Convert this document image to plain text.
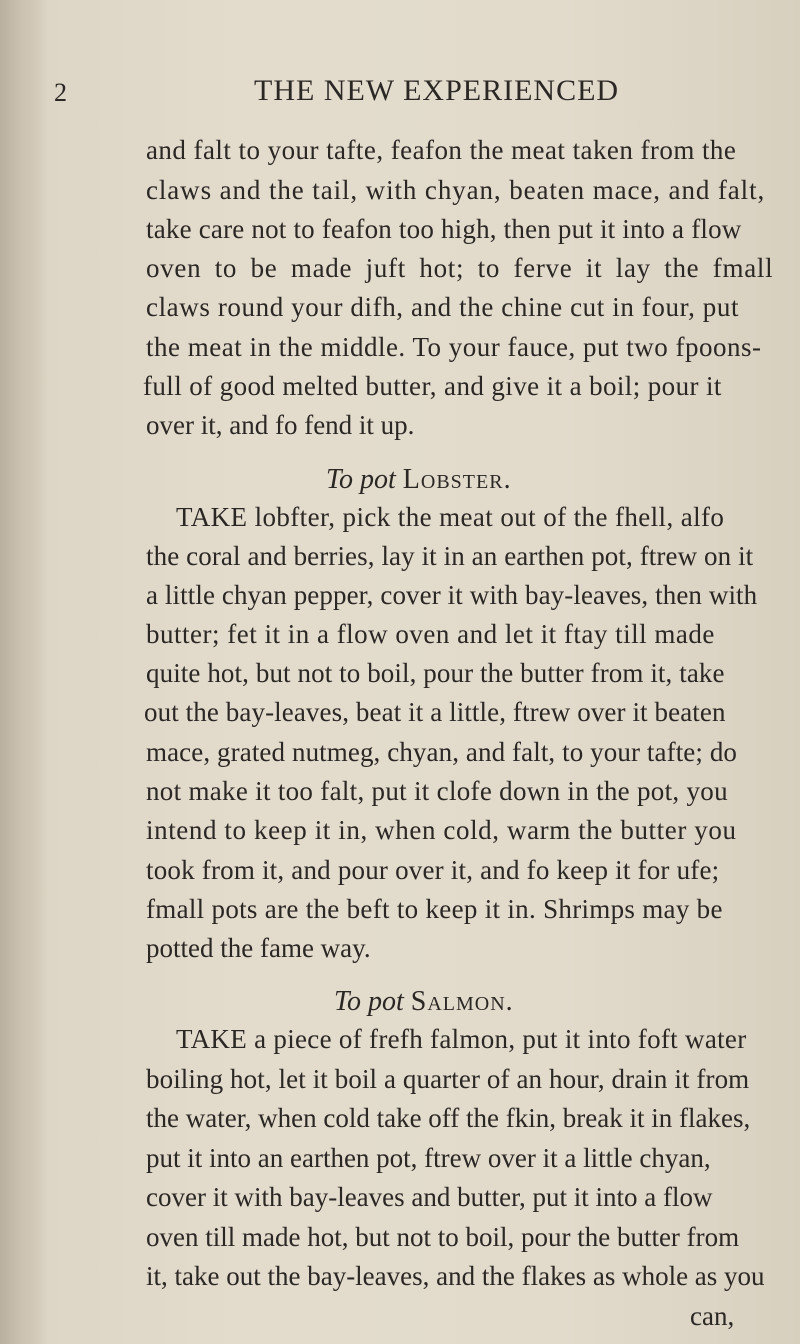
2	THE NEW EXPERIENCED
and falt to your tafte, feafon the meat taken from the
claws and the tail, with chyan, beaten mace, and falt,
take care not to feafon too high, then put it into a flow
oven to be made juft hot; to ferve it lay the fmall
claws round your difh, and the chine cut in four, put
the meat in the middle. To your fauce, put two fpoons-
full of good melted butter, and give it a boil; pour it
over it, and fo fend it up.
To pot Lobster.
TAKE lobfter, pick the meat out of the fhell, alfo
the coral and berries, lay it in an earthen pot, ftrew on it
a little chyan pepper, cover it with bay-leaves, then with
butter; fet it in a flow oven and let it ftay till made
quite hot, but not to boil, pour the butter from it, take
out the bay-leaves, beat it a little, ftrew over it beaten
mace, grated nutmeg, chyan, and falt, to your tafte; do
not make it too falt, put it clofe down in the pot, you
intend to keep it in, when cold, warm the butter you
took from it, and pour over it, and fo keep it for ufe;
fmall pots are the beft to keep it in. Shrimps may be
potted the fame way.
To pot Salmon.
TAKE a piece of frefh falmon, put it into foft water
boiling hot, let it boil a quarter of an hour, drain it from
the water, when cold take off the fkin, break it in flakes,
put it into an earthen pot, ftrew over it a little chyan,
cover it with bay-leaves and butter, put it into a flow
oven till made hot, but not to boil, pour the butter from
it, take out the bay-leaves, and the flakes as whole as you
can,
